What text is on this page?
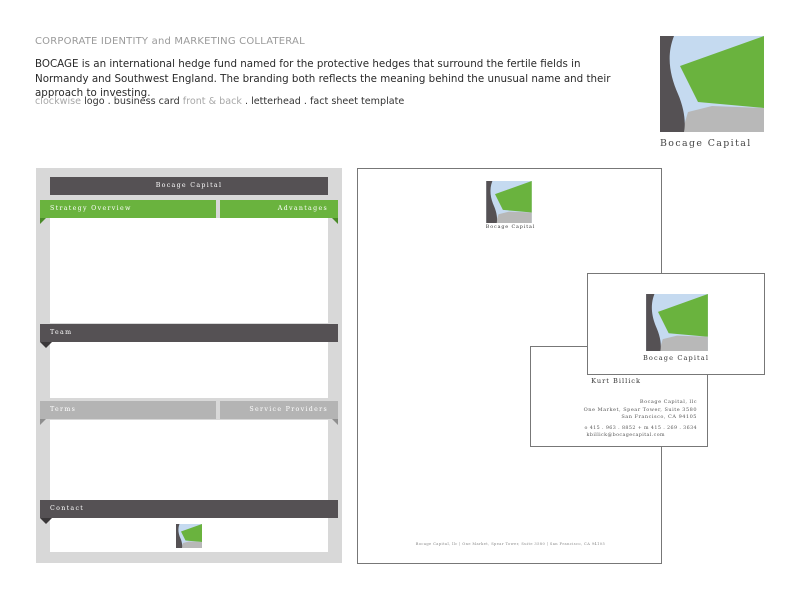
CORPORATE IDENTITY and MARKETING COLLATERAL
BOCAGE is an international hedge fund named for the protective hedges that surround the fertile fields in Normandy and Southwest England. The branding both reflects the meaning behind the unusual name and their approach to investing.
clockwise logo . business card front & back . letterhead . fact sheet template
Bocage Capital
Bocage Capital
Strategy Overview	Advantages
Team
Terms	Service Providers
Contact
Bocage Capital
Bocage Capital, llc | One Market, Spear Tower, Suite 3580 | San Francisco, CA 94105
Kurt Billick
Bocage Capital, llc
One Market, Spear Tower, Suite 3580
San Francisco, CA 94105
o 415 . 963 . 8852 + m 415 . 269 . 3634
kbillick@bocagecapital.com
Bocage Capital
